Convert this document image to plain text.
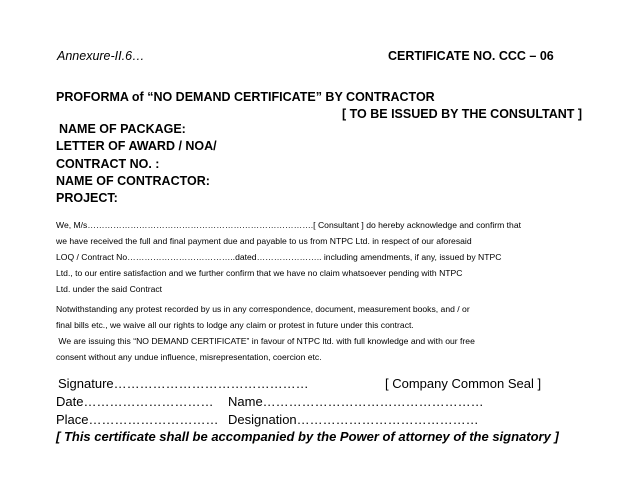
Annexure-II.6…	CERTIFICATE NO. CCC – 06
PROFORMA of “NO DEMAND CERTIFICATE” BY CONTRACTOR
[ TO BE ISSUED BY THE CONSULTANT ]
NAME OF PACKAGE:
LETTER OF AWARD / NOA/
CONTRACT NO. :
NAME OF CONTRACTOR:
PROJECT:
We, M/s…………………………………………………………………….[ Consultant ] do hereby acknowledge and confirm that
we have received the full and final payment due and payable to us from NTPC Ltd. in respect of our aforesaid
LOQ / Contract No………………………………..dated………………….. including amendments, if any, issued by NTPC
Ltd., to our entire satisfaction and we further confirm that we have no claim whatsoever pending with NTPC
Ltd. under the said Contract
Notwithstanding any protest recorded by us in any correspondence, document, measurement books, and / or
final bills etc., we waive all our rights to lodge any claim or protest in future under this contract.
We are issuing this “NO DEMAND CERTIFICATE” in favour of NTPC ltd. with full knowledge and with our free
consent without any undue influence, misrepresentation, coercion etc.
Signature………………………………………	[ Company Common Seal ]
Date………………………… Name……………………………………………
Place………………………… Designation……………………………………
[ This certificate shall be accompanied by the Power of attorney of the signatory ]
